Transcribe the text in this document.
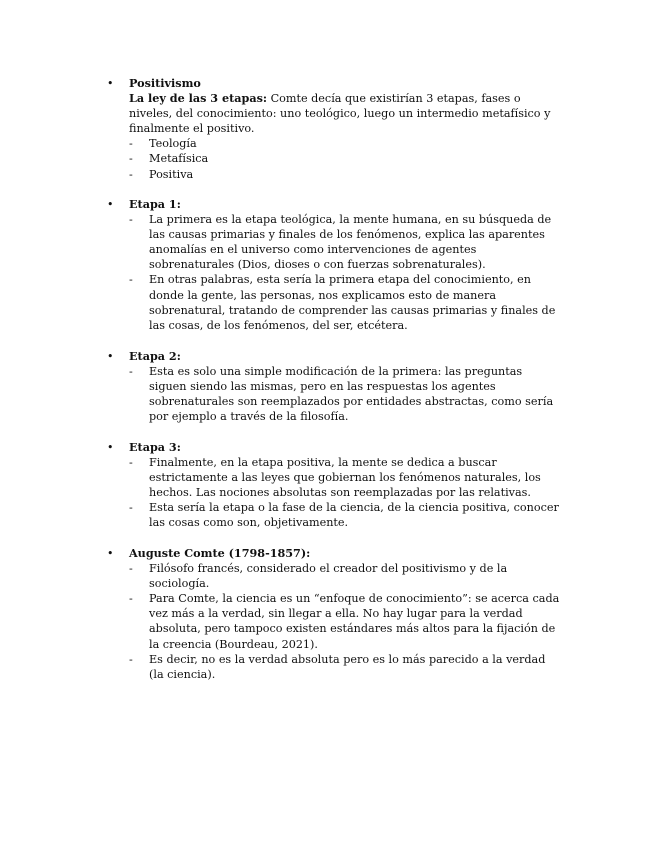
• Positivismo

La ley de las 3 etapas: Comte decía que existirían 3 etapas, fases o niveles, del conocimiento: uno teológico, luego un intermedio metafísico y finalmente el positivo.

- Teología
- Metafísica
- Positiva
• Etapa 1:
- La primera es la etapa teológica, la mente humana, en su búsqueda de las causas primarias y finales de los fenómenos, explica las aparentes anomalías en el universo como intervenciones de agentes sobrenaturales (Dios, dioses o con fuerzas sobrenaturales).
- En otras palabras, esta sería la primera etapa del conocimiento, en donde la gente, las personas, nos explicamos esto de manera sobrenatural, tratando de comprender las causas primarias y finales de las cosas, de los fenómenos, del ser, etcétera.
• Etapa 2:
- Esta es solo una simple modificación de la primera: las preguntas siguen siendo las mismas, pero en las respuestas los agentes sobrenaturales son reemplazados por entidades abstractas, como sería por ejemplo a través de la filosofía.
• Etapa 3:
- Finalmente, en la etapa positiva, la mente se dedica a buscar estrictamente a las leyes que gobiernan los fenómenos naturales, los hechos. Las nociones absolutas son reemplazadas por las relativas.
- Esta sería la etapa o la fase de la ciencia, de la ciencia positiva, conocer las cosas como son, objetivamente.
• Auguste Comte (1798-1857):
- Filósofo francés, considerado el creador del positivismo y de la sociología.
- Para Comte, la ciencia es un “enfoque de conocimiento”: se acerca cada vez más a la verdad, sin llegar a ella. No hay lugar para la verdad absoluta, pero tampoco existen estándares más altos para la fijación de la creencia (Bourdeau, 2021).
- Es decir, no es la verdad absoluta pero es lo más parecido a la verdad (la ciencia).
